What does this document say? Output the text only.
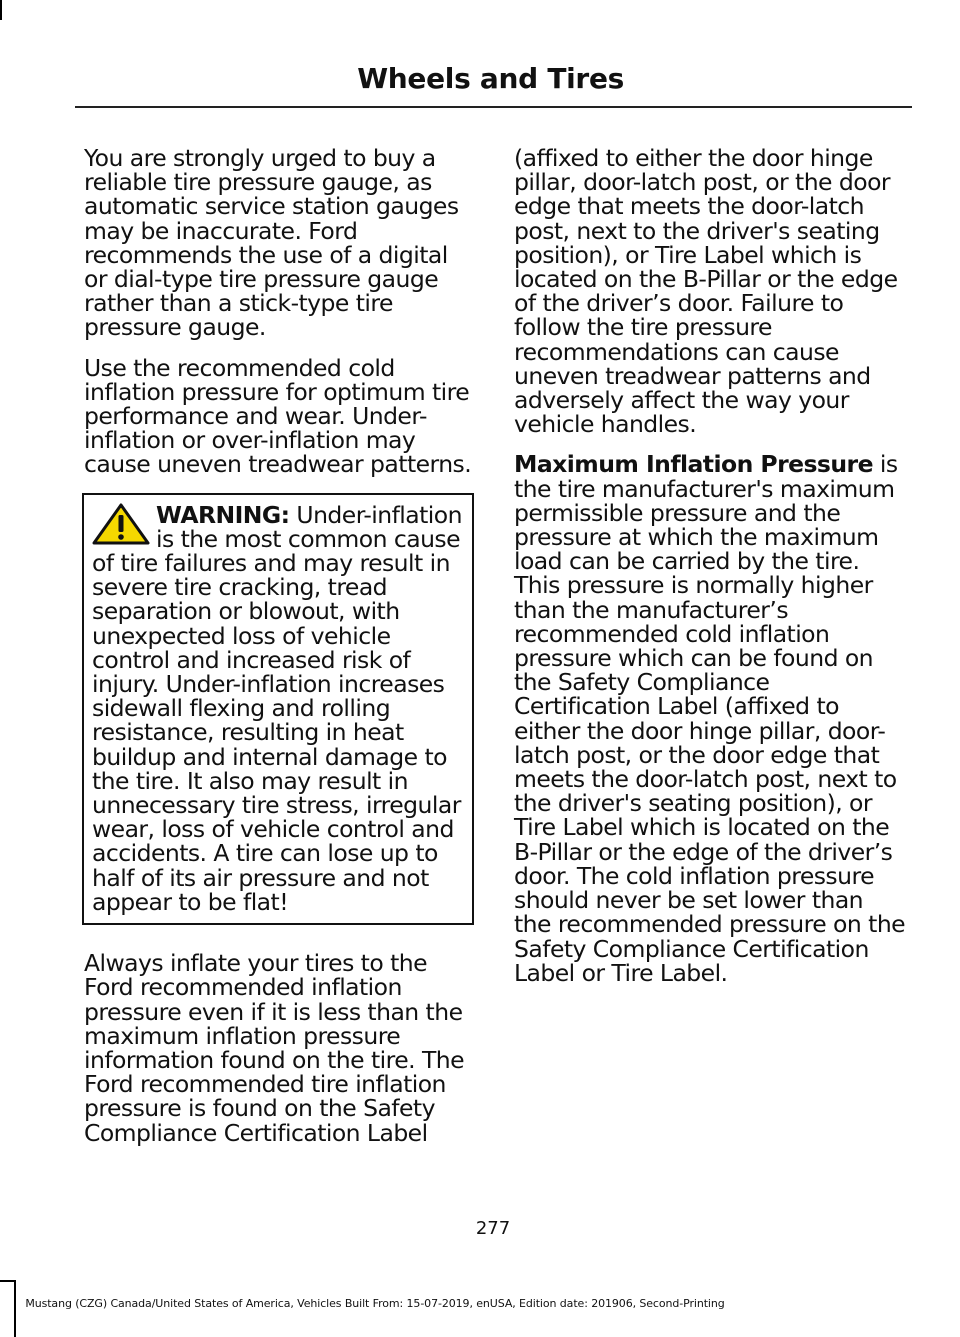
Wheels and Tires

You are strongly urged to buy a reliable tire pressure gauge, as automatic service station gauges may be inaccurate. Ford recommends the use of a digital or dial-type tire pressure gauge rather than a stick-type tire pressure gauge.

Use the recommended cold inflation pressure for optimum tire performance and wear. Under-inflation or over-inflation may cause uneven treadwear patterns.

WARNING: Under-inflation is the most common cause of tire failures and may result in severe tire cracking, tread separation or blowout, with unexpected loss of vehicle control and increased risk of injury. Under-inflation increases sidewall flexing and rolling resistance, resulting in heat buildup and internal damage to the tire. It also may result in unnecessary tire stress, irregular wear, loss of vehicle control and accidents. A tire can lose up to half of its air pressure and not appear to be flat!

Always inflate your tires to the Ford recommended inflation pressure even if it is less than the maximum inflation pressure information found on the tire. The Ford recommended tire inflation pressure is found on the Safety Compliance Certification Label

(affixed to either the door hinge pillar, door-latch post, or the door edge that meets the door-latch post, next to the driver's seating position), or Tire Label which is located on the B-Pillar or the edge of the driver’s door. Failure to follow the tire pressure recommendations can cause uneven treadwear patterns and adversely affect the way your vehicle handles.

Maximum Inflation Pressure is the tire manufacturer's maximum permissible pressure and the pressure at which the maximum load can be carried by the tire. This pressure is normally higher than the manufacturer’s recommended cold inflation pressure which can be found on the Safety Compliance Certification Label (affixed to either the door hinge pillar, door-latch post, or the door edge that meets the door-latch post, next to the driver's seating position), or Tire Label which is located on the B-Pillar or the edge of the driver’s door. The cold inflation pressure should never be set lower than the recommended pressure on the Safety Compliance Certification Label or Tire Label.

277
Mustang (CZG) Canada/United States of America, Vehicles Built From: 15-07-2019, enUSA, Edition date: 201906, Second-Printing
